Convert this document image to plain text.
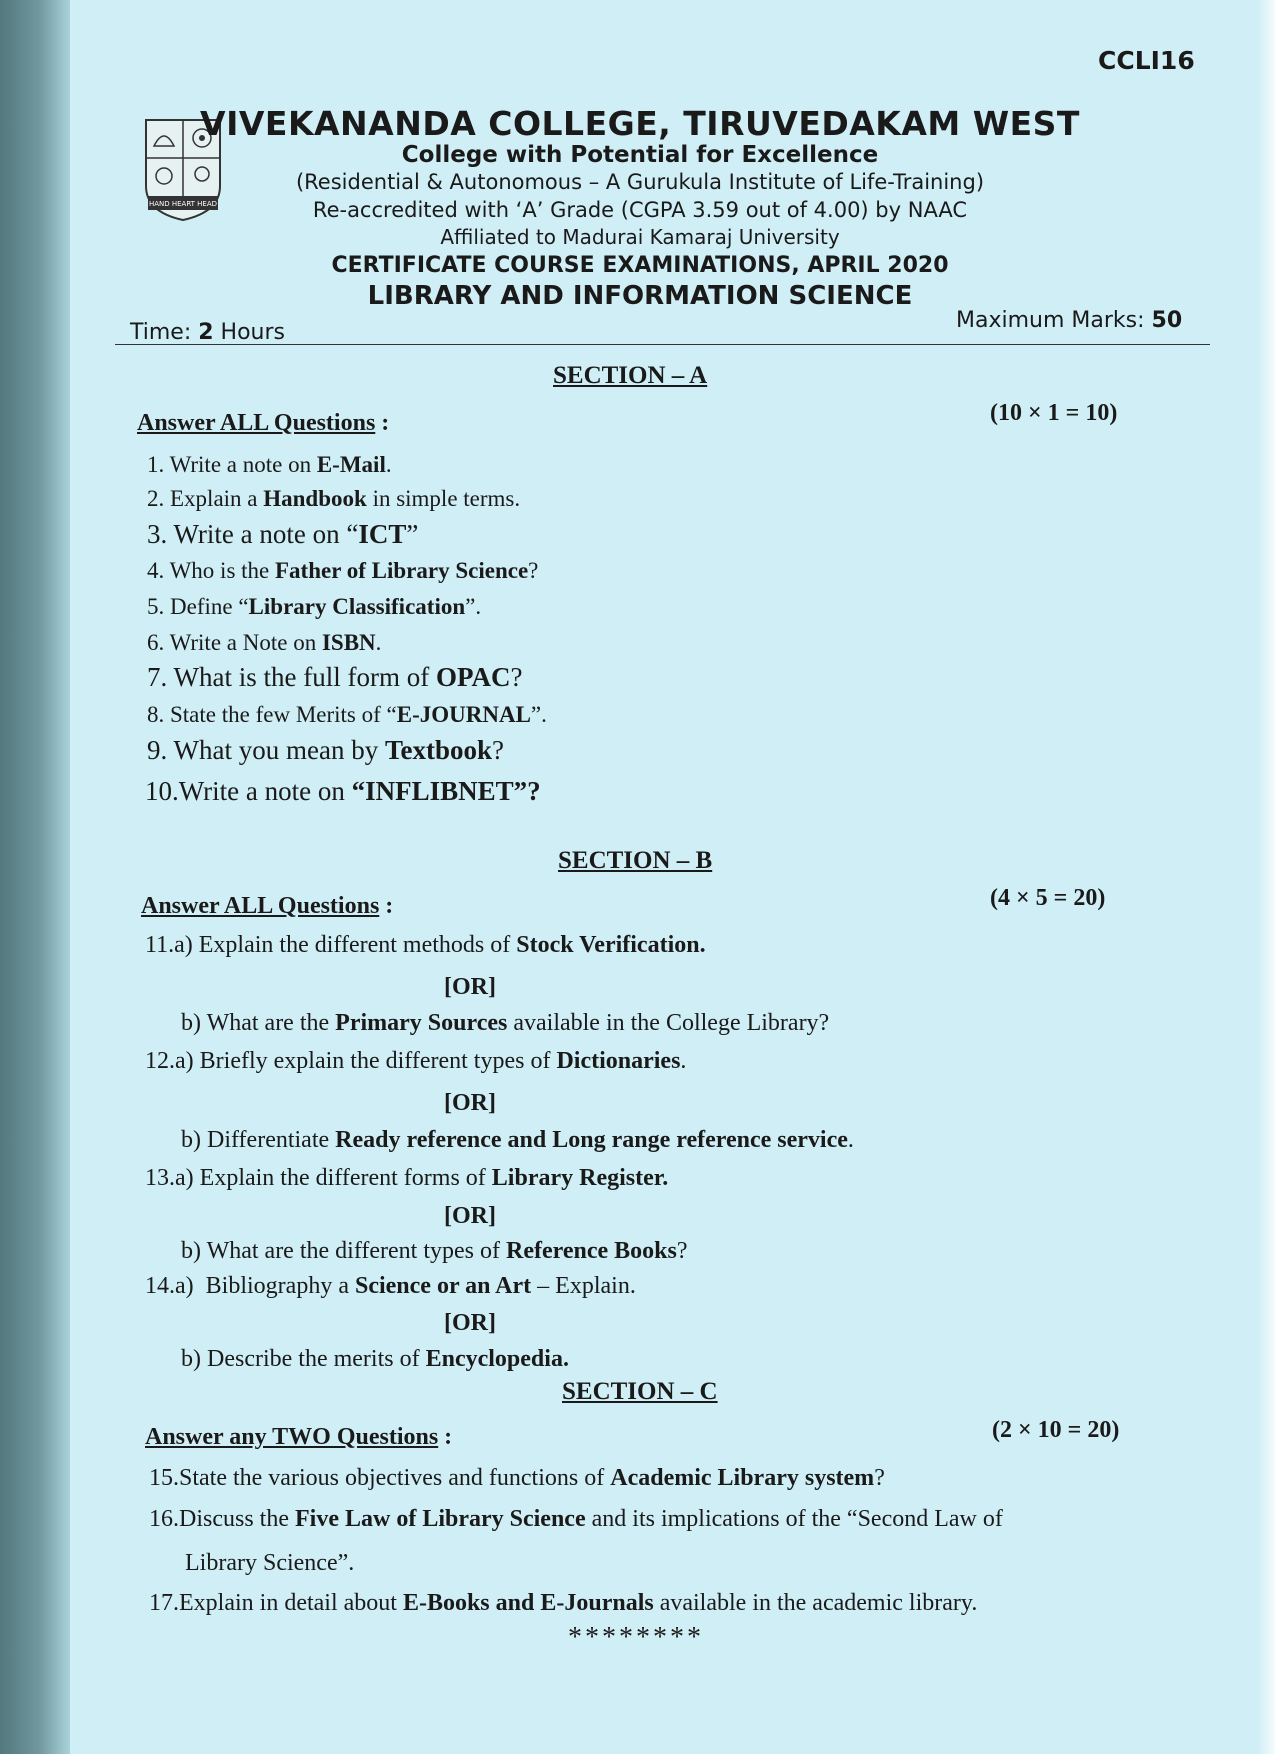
CCLI16
HAND HEART HEAD
VIVEKANANDA COLLEGE, TIRUVEDAKAM WEST
College with Potential for Excellence
(Residential & Autonomous – A Gurukula Institute of Life-Training)
Re-accredited with ‘A’ Grade (CGPA 3.59 out of 4.00) by NAAC
Affiliated to Madurai Kamaraj University
CERTIFICATE COURSE EXAMINATIONS, APRIL 2020
LIBRARY AND INFORMATION SCIENCE
Time: 2 Hours	Maximum Marks: 50
SECTION – A
Answer ALL Questions :	(10 × 1 = 10)
1. Write a note on E-Mail.
2. Explain a Handbook in simple terms.
3. Write a note on “ICT”
4. Who is the Father of Library Science?
5. Define “Library Classification”.
6. Write a Note on ISBN.
7. What is the full form of OPAC?
8. State the few Merits of “E-JOURNAL”.
9. What you mean by Textbook?
10.Write a note on “INFLIBNET”?
SECTION – B
Answer ALL Questions :	(4 × 5 = 20)
11.a) Explain the different methods of Stock Verification.
[OR]
b) What are the Primary Sources available in the College Library?
12.a) Briefly explain the different types of Dictionaries.
[OR]
b) Differentiate Ready reference and Long range reference service.
13.a) Explain the different forms of Library Register.
[OR]
b) What are the different types of Reference Books?
14.a)  Bibliography a Science or an Art – Explain.
[OR]
b) Describe the merits of Encyclopedia.
SECTION – C
Answer any TWO Questions :	(2 × 10 = 20)
15.State the various objectives and functions of Academic Library system?
16.Discuss the Five Law of Library Science and its implications of the “Second Law of
Library Science”.
17.Explain in detail about E-Books and E-Journals available in the academic library.
********
